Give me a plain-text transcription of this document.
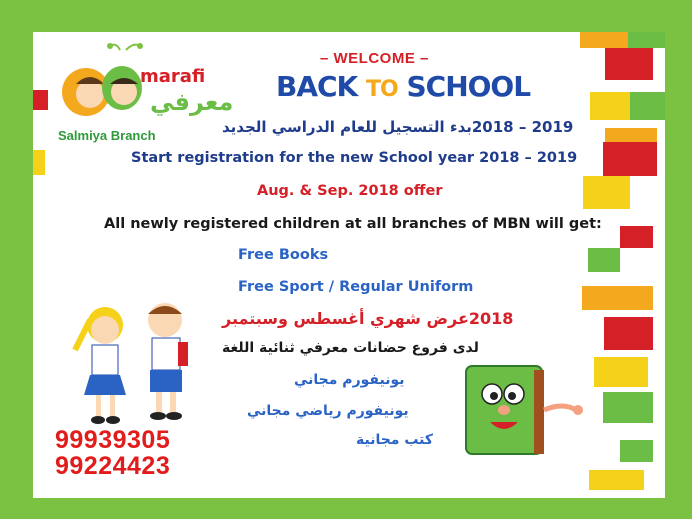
marafi
معرفي
Salmiya Branch
– WELCOME –
BACK TO SCHOOL
2019 – 2018بدء التسجيل للعام الدراسي الجديد
Start registration for the new School year 2018 – 2019
Aug. & Sep. 2018 offer
All newly registered children at all branches of MBN will get:
Free Books
Free Sport / Regular Uniform
2018عرض شهري أغسطس وسبتمبر
لدى فروع حضانات معرفي ثنائية اللغة
يونيفورم مجاني
يونيفورم رياضي مجاني
كتب مجانية
99939305
99224423
